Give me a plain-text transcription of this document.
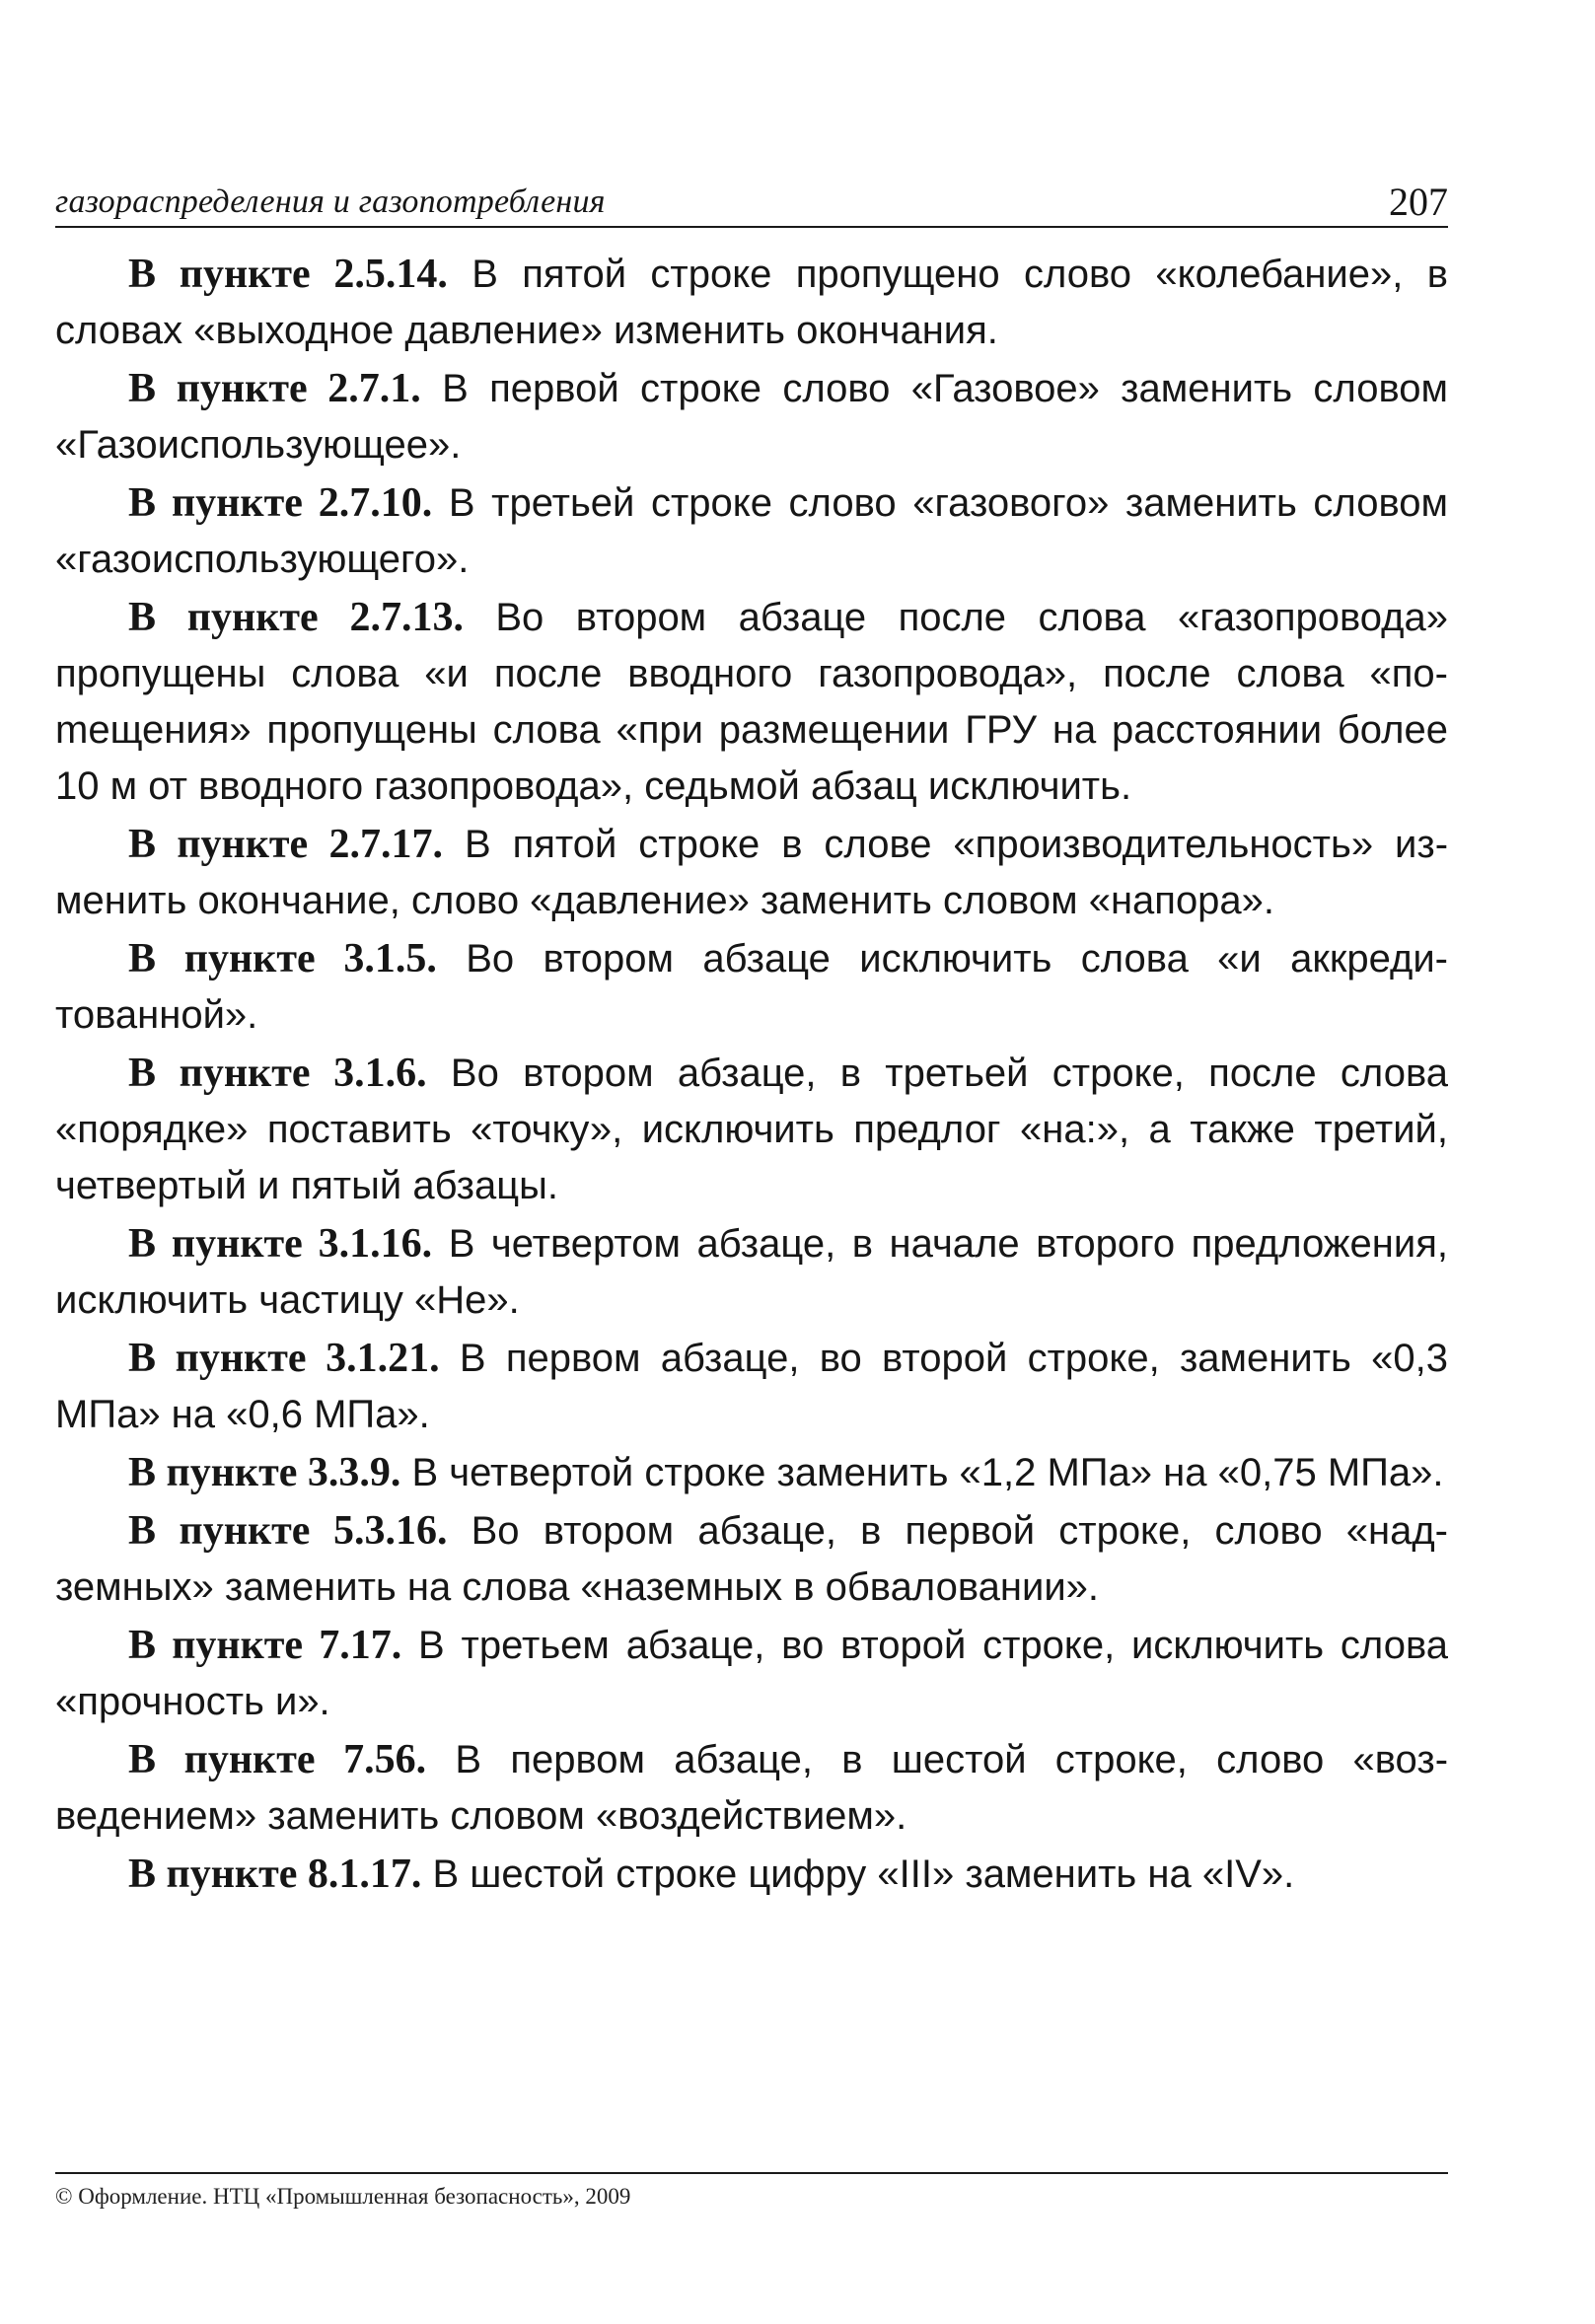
газораспределения и газопотребления	207

В пункте 2.5.14. В пятой строке пропущено слово «колебание», в словах «выходное давление» изменить окончания.

В пункте 2.7.1. В первой строке слово «Газовое» заменить словом «Газоиспользующее».

В пункте 2.7.10. В третьей строке слово «газового» заменить словом «газоиспользующего».

В пункте 2.7.13. Во втором абзаце после слова «газопровода» пропущены слова «и после вводного газопровода», после слова «поmещения» пропущены слова «при размещении ГРУ на расстоянии более 10 м от вводного газопровода», седьмой абзац исключить.

В пункте 2.7.17. В пятой строке в слове «производительность» изменить окончание, слово «давление» заменить словом «напора».

В пункте 3.1.5. Во втором абзаце исключить слова «и аккредитованной».

В пункте 3.1.6. Во втором абзаце, в третьей строке, после слова «порядке» поставить «точку», исключить предлог «на:», а также третий, четвертый и пятый абзацы.

В пункте 3.1.16. В четвертом абзаце, в начале второго предложения, исключить частицу «Не».

В пункте 3.1.21. В первом абзаце, во второй строке, заменить «0,3 МПа» на «0,6 МПа».

В пункте 3.3.9. В четвертой строке заменить «1,2 МПа» на «0,75 МПа».

В пункте 5.3.16. Во втором абзаце, в первой строке, слово «надземных» заменить на слова «наземных в обваловании».

В пункте 7.17. В третьем абзаце, во второй строке, исключить слова «прочность и».

В пункте 7.56. В первом абзаце, в шестой строке, слово «возведением» заменить словом «воздействием».

В пункте 8.1.17. В шестой строке цифру «III» заменить на «IV».

© Оформление. НТЦ «Промышленная безопасность», 2009
